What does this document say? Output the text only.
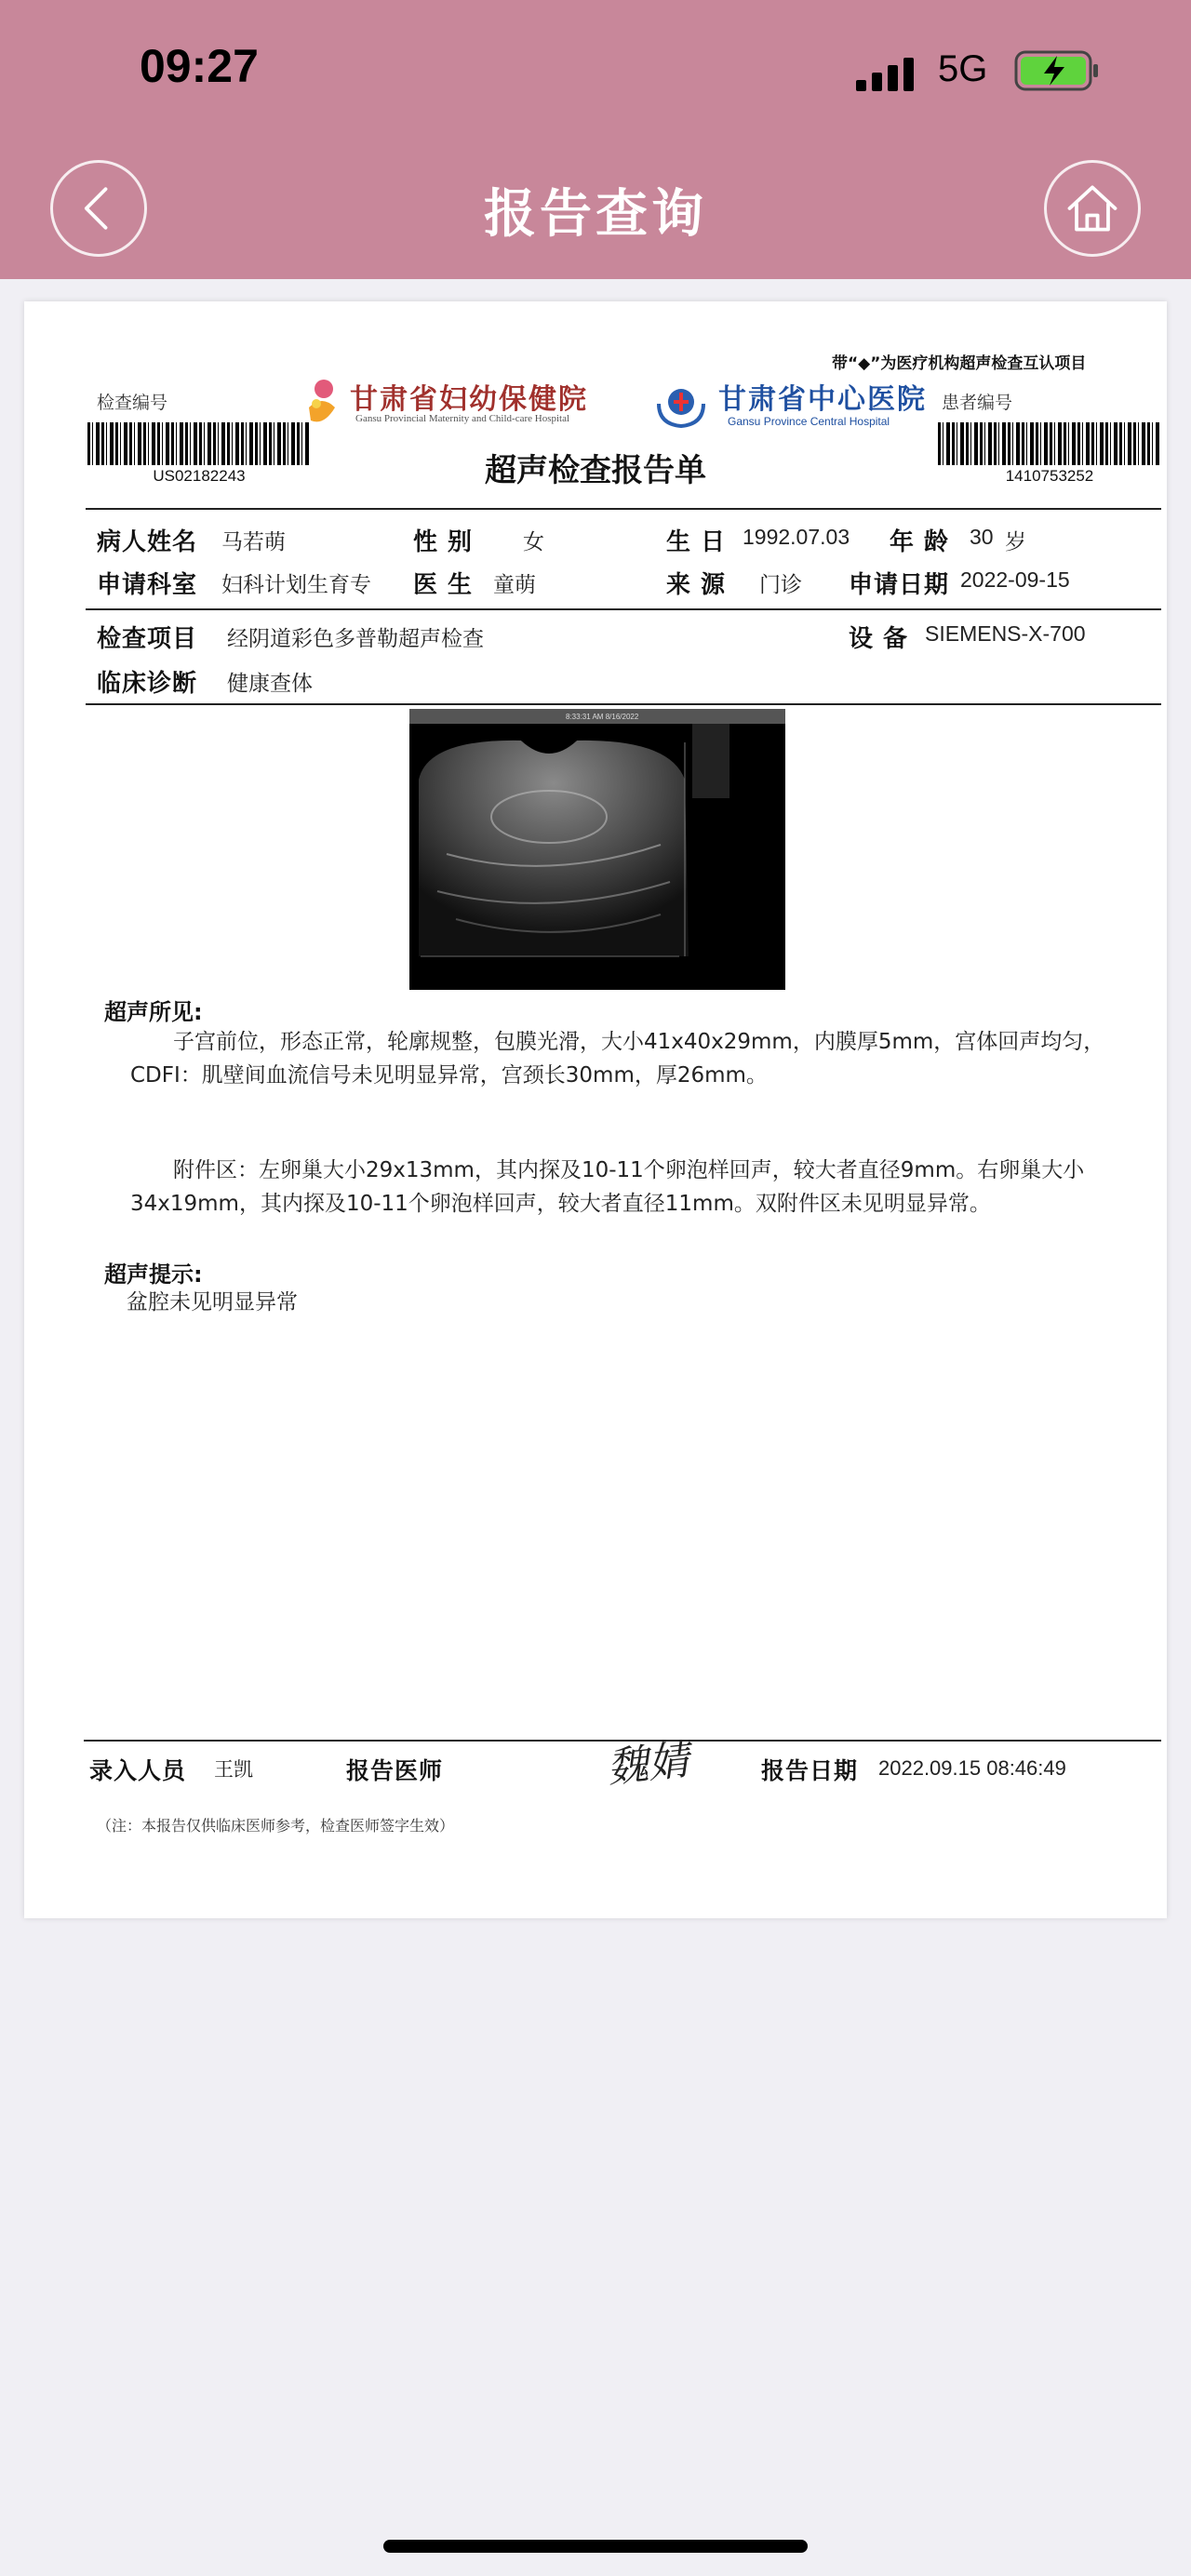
09:27	5G
报告查询
带“◆”为医疗机构超声检查互认项目
检查编号
US02182243
患者编号
1410753252
甘肃省妇幼保健院
Gansu Provincial Maternity and Child-care Hospital
甘肃省中心医院
Gansu Province Central Hospital
超声检查报告单
病人姓名 马若萌	性 别 女	生 日 1992.07.03 年 龄 30 岁
申请科室 妇科计划生育专 医 生 童萌	来 源 门诊 申请日期 2022-09-15
检查项目 经阴道彩色多普勒超声检查	设 备 SIEMENS-X-700
临床诊断 健康查体
8:33:31 AM 8/16/2022
超声所见:
子宫前位，形态正常，轮廓规整，包膜光滑，大小41x40x29mm，内膜厚5mm，宫体回声均匀，CDFI：肌壁间血流信号未见明显异常，宫颈长30mm，厚26mm。
附件区：左卵巢大小29x13mm，其内探及10-11个卵泡样回声，较大者直径9mm。右卵巢大小34x19mm，其内探及10-11个卵泡样回声，较大者直径11mm。双附件区未见明显异常。
超声提示:
盆腔未见明显异常
录入人员 王凯	报告医师	魏婧	报告日期 2022.09.15 08:46:49
（注：本报告仅供临床医师参考，检查医师签字生效）
